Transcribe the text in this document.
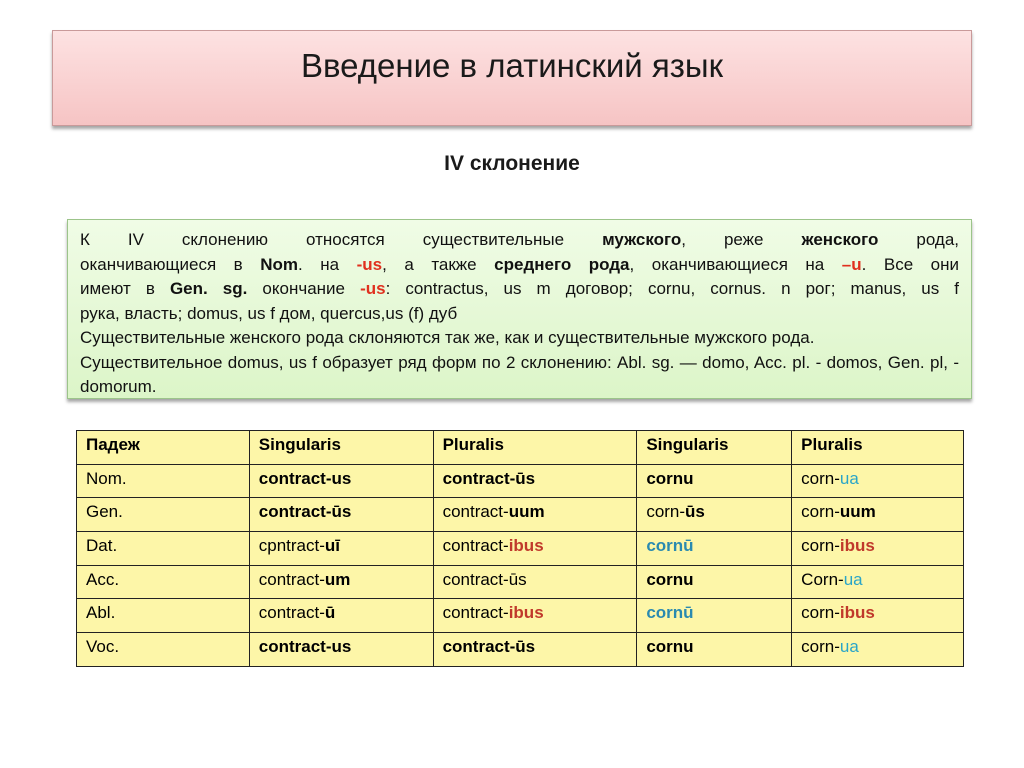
Введение в латинский язык
IV склонение

К IV склонению относятся существительные мужского, реже женского рода,

оканчивающиеся в Nom. на -us, а также среднего рода, оканчивающиеся на –u. Все они

имеют в Gen. sg. окончание -us: contractus, us m договор; cornu, cornus. n рог; manus, us f

рука, власть; domus, us f дом, quercus,us (f) дуб

Существительные женского рода склоняются так же, как и существительные мужского рода.

Существительное domus, us f образует ряд форм по 2 склонению: Abl. sg. — domo, Acc. pl. - domos, Gen. pl, - domorum.

Падеж	Singularis	Pluralis	Singularis	Pluralis
Nom.	contract-us	contract-ūs	cornu	corn-ua
Gen.	contract-ūs	contract-uum	corn-ūs	corn-uum
Dat.	cpntract-uī	contract-ibus	cornū	corn-ibus
Acc.	contract-um	contract-ūs	cornu	Corn-ua
Abl.	contract-ū	contract-ibus	cornū	corn-ibus
Voc.	contract-us	contract-ūs	cornu	corn-ua
